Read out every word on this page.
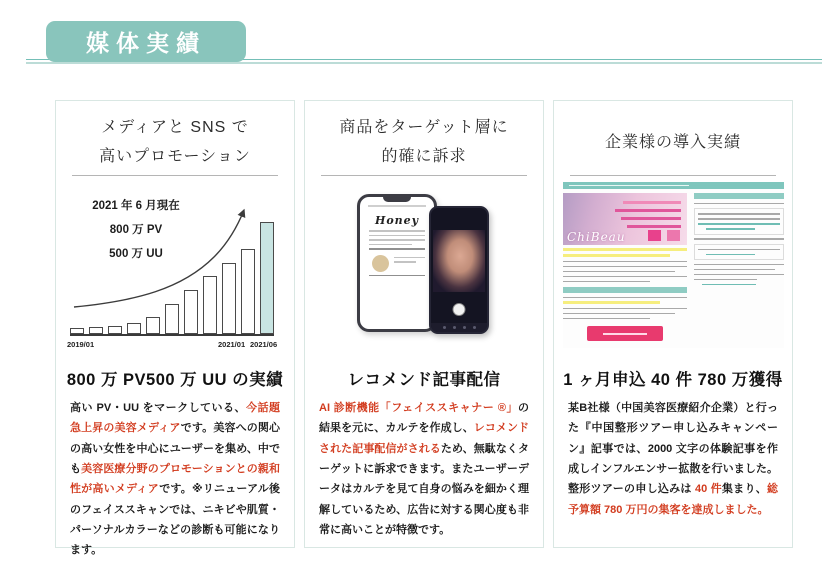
媒体実績
メディアと SNS で
高いプロモーション
2021 年 6 月現在
800 万 PV
500 万 UU
2019/01	2021/01 2021/06
800 万 PV500 万 UU の実績
高い PV・UU をマークしている、今話題急上昇の美容メディアです。美容への関心の高い女性を中心にユーザーを集め、中でも美容医療分野のプロモーションとの親和性が高いメディアです。※リニューアル後のフェイススキャンでは、ニキビや肌質・パーソナルカラーなどの診断も可能になります。
商品をターゲット層に
的確に訴求
Honey
レコメンド記事配信
AI 診断機能「フェイススキャナー ®」の結果を元に、カルテを作成し、レコメンドされた記事配信がされるため、無駄なくターゲットに訴求できます。またユーザーデータはカルテを見て自身の悩みを細かく理解しているため、広告に対する関心度も非常に高いことが特徴です。
企業様の導入実績
ChiBeau
1 ヶ月申込 40 件 780 万獲得
某B社様（中国美容医療紹介企業）と行った『中国整形ツアー申し込みキャンペーン』記事では、2000 文字の体験記事を作成しインフルエンサー拡散を行いました。整形ツアーの申し込みは 40 件集まり、総予算額 780 万円の集客を達成しました。
